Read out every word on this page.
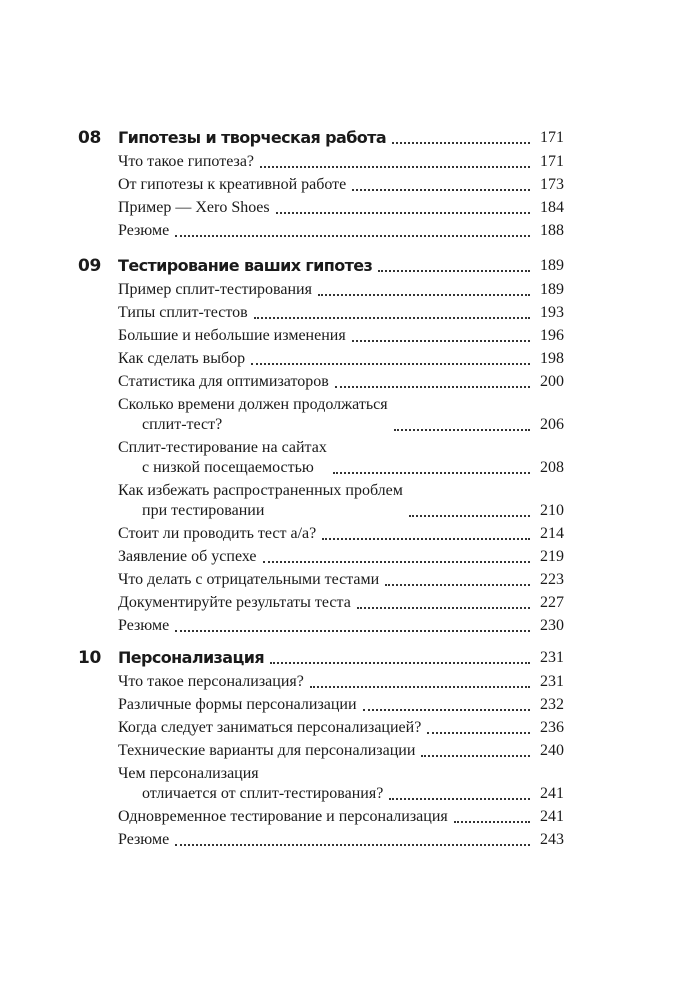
08	Гипотезы и творческая работа	171
Что такое гипотеза?	171
От гипотезы к креативной работе	173
Пример — Xero Shoes	184
Резюме	188
09	Тестирование ваших гипотез	189
Пример сплит-тестирования	189
Типы сплит-тестов	193
Большие и небольшие изменения	196
Как сделать выбор	198
Статистика для оптимизаторов	200
Сколько времени должен продолжаться
сплит-тест?	206
Сплит-тестирование на сайтах
с низкой посещаемостью	208
Как избежать распространенных проблем
при тестировании	210
Стоит ли проводить тест а/а?	214
Заявление об успехе	219
Что делать с отрицательными тестами	223
Документируйте результаты теста	227
Резюме	230
10	Персонализация	231
Что такое персонализация?	231
Различные формы персонализации	232
Когда следует заниматься персонализацией?	236
Технические варианты для персонализации	240
Чем персонализация
отличается от сплит-тестирования?	241
Одновременное тестирование и персонализация	241
Резюме	243
